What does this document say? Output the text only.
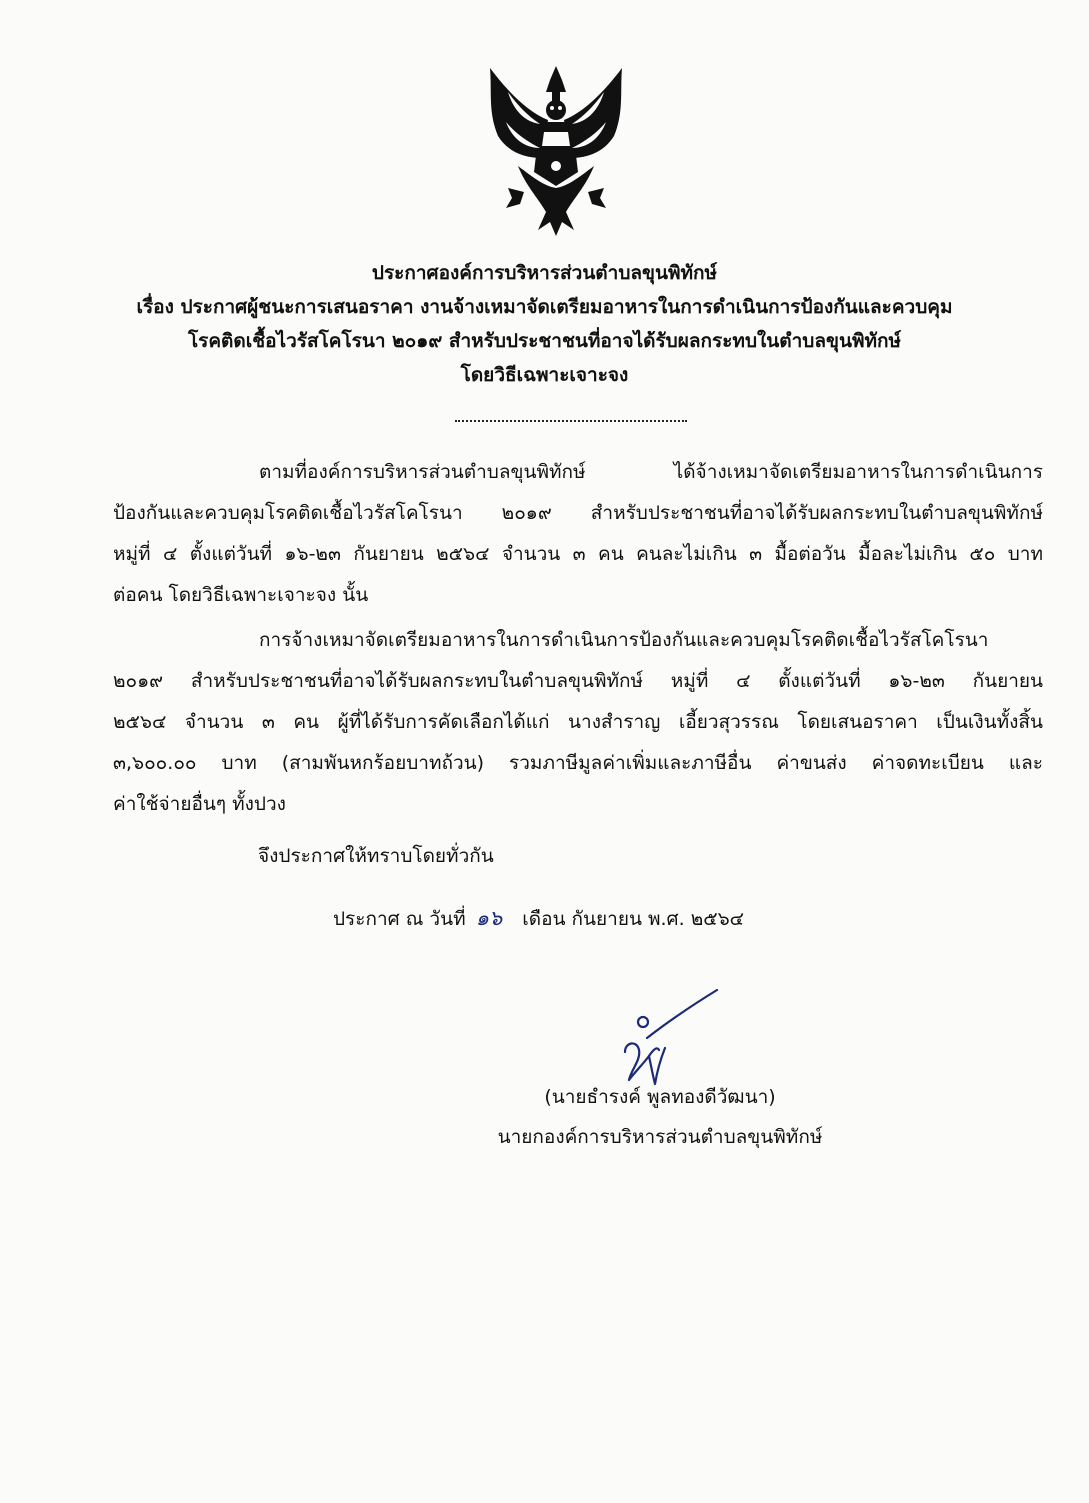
ประกาศองค์การบริหารส่วนตำบลขุนพิทักษ์
เรื่อง ประกาศผู้ชนะการเสนอราคา งานจ้างเหมาจัดเตรียมอาหารในการดำเนินการป้องกันและควบคุม
โรคติดเชื้อไวรัสโคโรนา ๒๐๑๙ สำหรับประชาชนที่อาจได้รับผลกระทบในตำบลขุนพิทักษ์
โดยวิธีเฉพาะเจาะจง
ตามที่องค์การบริหารส่วนตำบลขุนพิทักษ์ ได้จ้างเหมาจัดเตรียมอาหารในการดำเนินการ
ป้องกันและควบคุมโรคติดเชื้อไวรัสโคโรนา ๒๐๑๙ สำหรับประชาชนที่อาจได้รับผลกระทบในตำบลขุนพิทักษ์
หมู่ที่ ๔ ตั้งแต่วันที่ ๑๖-๒๓ กันยายน ๒๕๖๔ จำนวน ๓ คน คนละไม่เกิน ๓ มื้อต่อวัน มื้อละไม่เกิน ๕๐ บาท
ต่อคน โดยวิธีเฉพาะเจาะจง นั้น
การจ้างเหมาจัดเตรียมอาหารในการดำเนินการป้องกันและควบคุมโรคติดเชื้อไวรัสโคโรนา
๒๐๑๙ สำหรับประชาชนที่อาจได้รับผลกระทบในตำบลขุนพิทักษ์ หมู่ที่ ๔ ตั้งแต่วันที่ ๑๖-๒๓ กันยายน
๒๕๖๔ จำนวน ๓ คน ผู้ที่ได้รับการคัดเลือกได้แก่ นางสำราญ เอี้ยวสุวรรณ โดยเสนอราคา เป็นเงินทั้งสิ้น
๓,๖๐๐.๐๐ บาท (สามพันหกร้อยบาทถ้วน) รวมภาษีมูลค่าเพิ่มและภาษีอื่น ค่าขนส่ง ค่าจดทะเบียน และ
ค่าใช้จ่ายอื่นๆ ทั้งปวง
จึงประกาศให้ทราบโดยทั่วกัน
ประกาศ ณ วันที่ ๑๖ เดือน กันยายน พ.ศ. ๒๕๖๔
(นายธำรงค์ พูลทองดีวัฒนา)
นายกองค์การบริหารส่วนตำบลขุนพิทักษ์
